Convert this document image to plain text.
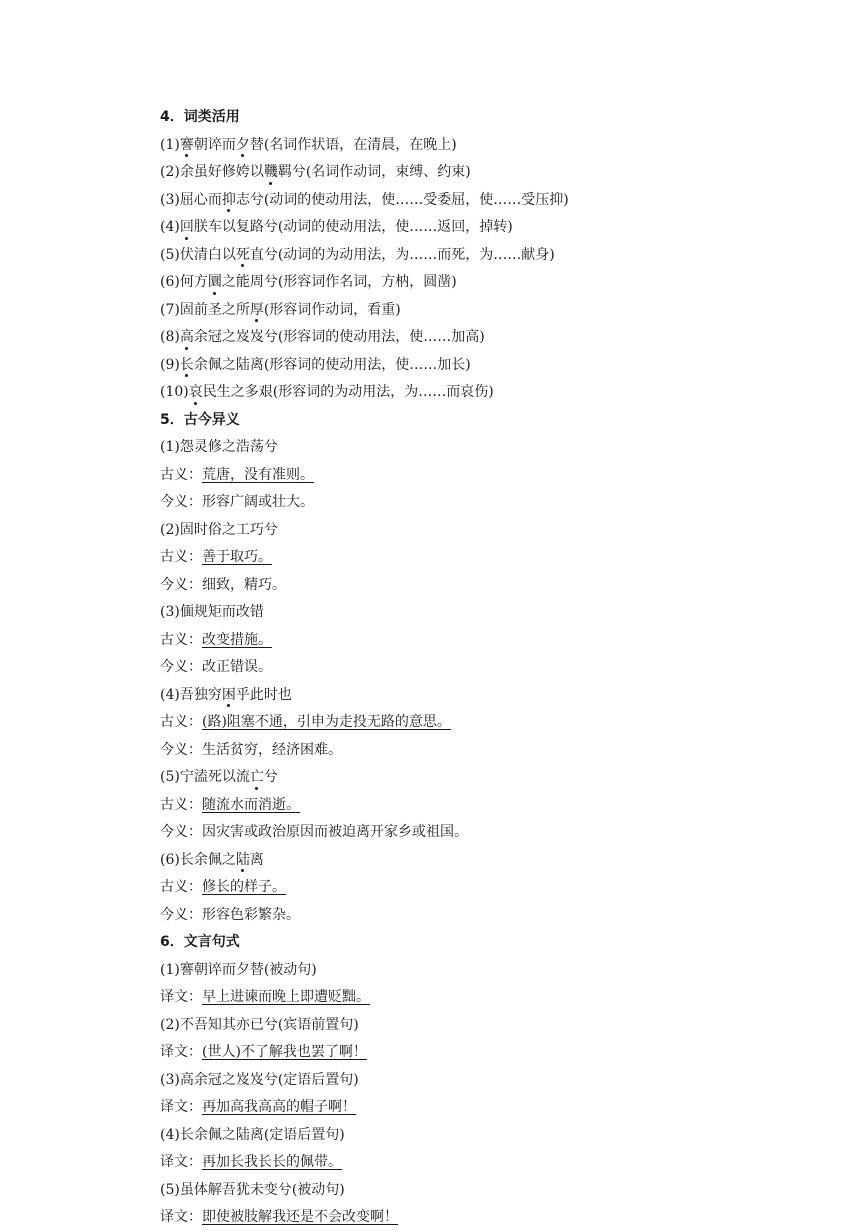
4．词类活用
(1)謇朝谇而夕替(名词作状语，在清晨，在晚上)
(2)余虽好修姱以鞿羁兮(名词作动词，束缚、约束)
(3)屈心而抑志兮(动词的使动用法，使……受委屈，使……受压抑)
(4)回朕车以复路兮(动词的使动用法，使……返回，掉转)
(5)伏清白以死直兮(动词的为动用法，为……而死，为……献身)
(6)何方圜之能周兮(形容词作名词，方枘，圆凿)
(7)固前圣之所厚(形容词作动词，看重)
(8)高余冠之岌岌兮(形容词的使动用法，使……加高)
(9)长余佩之陆离(形容词的使动用法，使……加长)
(10)哀民生之多艰(形容词的为动用法，为……而哀伤)
5．古今异义
(1)怨灵修之浩荡兮
古义：荒唐，没有准则。
今义：形容广阔或壮大。
(2)固时俗之工巧兮
古义：善于取巧。
今义：细致，精巧。
(3)偭规矩而改错
古义：改变措施。
今义：改正错误。
(4)吾独穷困乎此时也
古义：(路)阻塞不通，引申为走投无路的意思。
今义：生活贫穷，经济困难。
(5)宁溘死以流亡兮
古义：随流水而消逝。
今义：因灾害或政治原因而被迫离开家乡或祖国。
(6)长余佩之陆离
古义：修长的样子。
今义：形容色彩繁杂。
6．文言句式
(1)謇朝谇而夕替(被动句)
译文：早上进谏而晚上即遭贬黜。
(2)不吾知其亦已兮(宾语前置句)
译文：(世人)不了解我也罢了啊！
(3)高余冠之岌岌兮(定语后置句)
译文：再加高我高高的帽子啊！
(4)长余佩之陆离(定语后置句)
译文：再加长我长长的佩带。
(5)虽体解吾犹未变兮(被动句)
译文：即使被肢解我还是不会改变啊！
